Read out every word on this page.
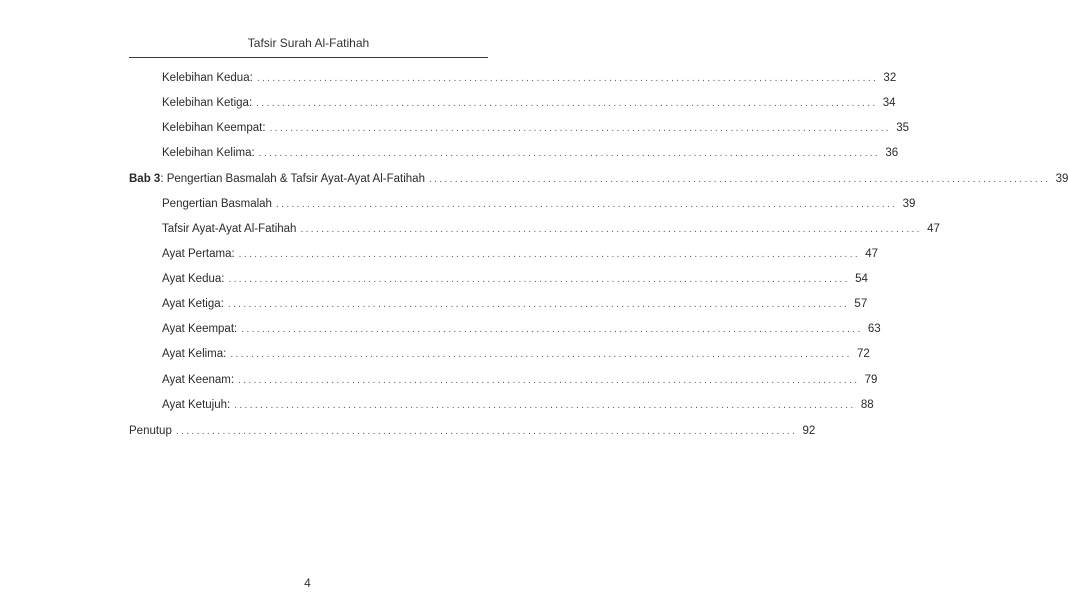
Tafsir Surah Al-Fatihah
Kelebihan Kedua: ........................................................................................................................ 32
Kelebihan Ketiga: ........................................................................................................................ 34
Kelebihan Keempat: ........................................................................................................................ 35
Kelebihan Kelima: ........................................................................................................................ 36
Bab 3: Pengertian Basmalah & Tafsir Ayat-Ayat Al-Fatihah ........................................................................................................................ 39
Pengertian Basmalah ........................................................................................................................ 39
Tafsir Ayat-Ayat Al-Fatihah ........................................................................................................................ 47
Ayat Pertama: ........................................................................................................................ 47
Ayat Kedua: ........................................................................................................................ 54
Ayat Ketiga: ........................................................................................................................ 57
Ayat Keempat: ........................................................................................................................ 63
Ayat Kelima: ........................................................................................................................ 72
Ayat Keenam: ........................................................................................................................ 79
Ayat Ketujuh: ........................................................................................................................ 88
Penutup ........................................................................................................................ 92
4
